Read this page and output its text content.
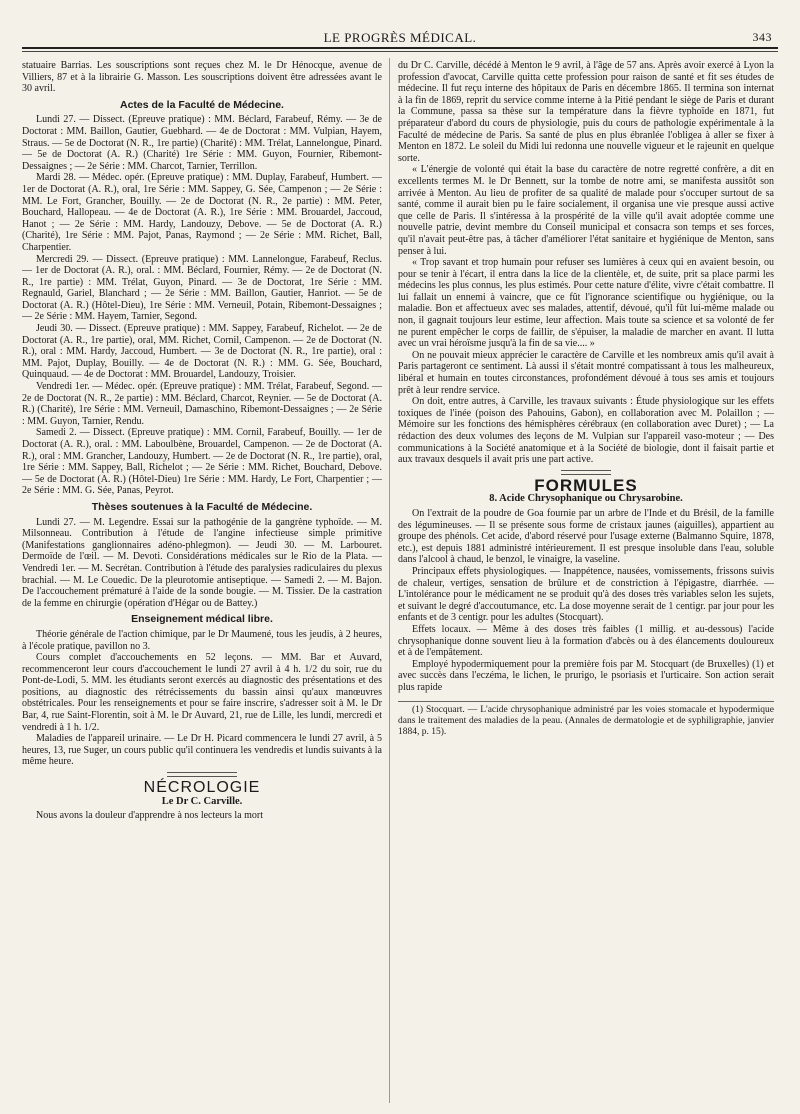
LE PROGRÈS MÉDICAL.	343

statuaire Barrias. Les souscriptions sont reçues chez M. le Dr Hénocque, avenue de Villiers, 87 et à la librairie G. Masson. Les souscriptions doivent être adressées avant le 30 avril.

Actes de la Faculté de Médecine.

Lundi 27. — Dissect. (Epreuve pratique) : MM. Béclard, Farabeuf, Rémy. — 3e de Doctorat : MM. Baillon, Gautier, Guebhard. — 4e de Doctorat : MM. Vulpian, Hayem, Straus. — 5e de Doctorat (N. R., 1re partie) (Charité) : MM. Trélat, Lannelongue, Pinard. — 5e de Doctorat (A. R.) (Charité) 1re Série : MM. Guyon, Fournier, Ribemont-Dessaignes ; — 2e Série : MM. Charcot, Tarnier, Terrillon.

Mardi 28. — Médec. opér. (Epreuve pratique) : MM. Duplay, Farabeuf, Humbert. — 1er de Doctorat (A. R.), oral, 1re Série : MM. Sappey, G. Sée, Campenon ; — 2e Série : MM. Le Fort, Grancher, Bouilly. — 2e de Doctorat (N. R., 2e partie) : MM. Peter, Bouchard, Hallopeau. — 4e de Doctorat (A. R.), 1re Série : MM. Brouardel, Jaccoud, Hanot ; — 2e Série : MM. Hardy, Landouzy, Debove. — 5e de Doctorat (A. R.) (Charité), 1re Série : MM. Pajot, Panas, Raymond ; — 2e Série : MM. Richet, Ball, Charpentier.

Mercredi 29. — Dissect. (Epreuve pratique) : MM. Lannelongue, Farabeuf, Reclus. — 1er de Doctorat (A. R.), oral. : MM. Béclard, Fournier, Rémy. — 2e de Doctorat (N. R., 1re partie) : MM. Trélat, Guyon, Pinard. — 3e de Doctorat, 1re Série : MM. Regnauld, Gariel, Blanchard ; — 2e Série : MM. Baillon, Gautier, Hanriot. — 5e de Doctorat (A. R.) (Hôtel-Dieu), 1re Série : MM. Verneuil, Potain, Ribemont-Dessaignes ; — 2e Série : MM. Hayem, Tarnier, Segond.

Jeudi 30. — Dissect. (Epreuve pratique) : MM. Sappey, Farabeuf, Richelot. — 2e de Doctorat (A. R., 1re partie), oral, MM. Richet, Cornil, Campenon. — 2e de Doctorat (N. R.), oral : MM. Hardy, Jaccoud, Humbert. — 3e de Doctorat (N. R., 1re partie), oral : MM. Pajot, Duplay, Bouilly. — 4e de Doctorat (N. R.) : MM. G. Sée, Bouchard, Quinquaud. — 4e de Doctorat : MM. Brouardel, Landouzy, Troisier.

Vendredi 1er. — Médec. opér. (Epreuve pratique) : MM. Trélat, Farabeuf, Segond. — 2e de Doctorat (N. R., 2e partie) : MM. Béclard, Charcot, Reynier. — 5e de Doctorat (A. R.) (Charité), 1re Série : MM. Verneuil, Damaschino, Ribemont-Dessaignes ; — 2e Série : MM. Guyon, Tarnier, Rendu.

Samedi 2. — Dissect. (Epreuve pratique) : MM. Cornil, Farabeuf, Bouilly. — 1er de Doctorat (A. R.), oral. : MM. Laboulbène, Brouardel, Campenon. — 2e de Doctorat (A. R.), oral : MM. Grancher, Landouzy, Humbert. — 2e de Doctorat (N. R., 1re partie), oral, 1re Série : MM. Sappey, Ball, Richelot ; — 2e Série : MM. Richet, Bouchard, Debove. — 5e de Doctorat (A. R.) (Hôtel-Dieu) 1re Série : MM. Hardy, Le Fort, Charpentier ; — 2e Série : MM. G. Sée, Panas, Peyrot.

Thèses soutenues à la Faculté de Médecine.

Lundi 27. — M. Legendre. Essai sur la pathogénie de la gangrène typhoïde. — M. Milsonneau. Contribution à l'étude de l'angine infectieuse simple primitive (Manifestations ganglionnaires adéno-phlegmon). — Jeudi 30. — M. Larbouret. Dermoïde de l'œil. — M. Devoti. Considérations médicales sur le Rio de la Plata. — Vendredi 1er. — M. Secrétan. Contribution à l'étude des paralysies radiculaires du plexus brachial. — M. Le Couedic. De la pleurotomie antiseptique. — Samedi 2. — M. Bajon. De l'accouchement prématuré à l'aide de la sonde bougie. — M. Tissier. De la castration de la femme en chirurgie (opération d'Hégar ou de Battey.)

Enseignement médical libre.

Théorie générale de l'action chimique, par le Dr Maumené, tous les jeudis, à 2 heures, à l'école pratique, pavillon no 3.

Cours complet d'accouchements en 52 leçons. — MM. Bar et Auvard, recommenceront leur cours d'accouchement le lundi 27 avril à 4 h. 1/2 du soir, rue du Pont-de-Lodi, 5. MM. les étudiants seront exercés au diagnostic des présentations et des positions, au diagnostic des rétrécissements du bassin ainsi qu'aux manœuvres obstétricales. Pour les renseignements et pour se faire inscrire, s'adresser soit à M. le Dr Bar, 4, rue Saint-Florentin, soit à M. le Dr Auvard, 21, rue de Lille, les lundi, mercredi et vendredi à 1 h. 1/2.

Maladies de l'appareil urinaire. — Le Dr H. Picard commencera le lundi 27 avril, à 5 heures, 13, rue Suger, un cours public qu'il continuera les vendredis et lundis suivants à la même heure.

NÉCROLOGIE
Le Dr C. Carville.

Nous avons la douleur d'apprendre à nos lecteurs la mort

du Dr C. Carville, décédé à Menton le 9 avril, à l'âge de 57 ans. Après avoir exercé à Lyon la profession d'avocat, Carville quitta cette profession pour raison de santé et fit ses études de médecine. Il fut reçu interne des hôpitaux de Paris en décembre 1865. Il termina son internat à la fin de 1869, reprit du service comme interne à la Pitié pendant le siège de Paris et durant la Commune, passa sa thèse sur la température dans la fièvre typhoïde en 1871, fut préparateur d'abord du cours de physiologie, puis du cours de pathologie expérimentale à la Faculté de médecine de Paris. Sa santé de plus en plus ébranlée l'obligea à aller se fixer à Menton en 1872. Le soleil du Midi lui redonna une nouvelle vigueur et le rajeunit en quelque sorte.

« L'énergie de volonté qui était la base du caractère de notre regretté confrère, a dit en excellents termes M. le Dr Bennett, sur la tombe de notre ami, se manifesta aussitôt son arrivée à Menton. Au lieu de profiter de sa qualité de malade pour s'occuper surtout de sa santé, comme il aurait bien pu le faire socialement, il organisa une vie presque aussi active que celle de Paris. Il s'intéressa à la prospérité de la ville qu'il avait adoptée comme une nouvelle patrie, devint membre du Conseil municipal et consacra son temps et ses forces, qu'il n'avait peut-être pas, à tâcher d'améliorer l'état sanitaire et hygiénique de Menton, sans penser à lui.

« Trop savant et trop humain pour refuser ses lumières à ceux qui en avaient besoin, ou pour se tenir à l'écart, il entra dans la lice de la clientèle, et, de suite, prit sa place parmi les médecins les plus connus, les plus estimés. Pour cette nature d'élite, vivre c'était combattre. Il lui fallait un ennemi à vaincre, que ce fût l'ignorance scientifique ou hygiénique, ou la maladie. Bon et affectueux avec ses malades, attentif, dévoué, qu'il fût lui-même malade ou non, il gagnait toujours leur estime, leur affection. Mais toute sa science et sa volonté de fer ne purent empêcher le corps de faillir, de s'épuiser, la maladie de marcher en avant. Il lutta avec un vrai héroïsme jusqu'à la fin de sa vie.... »

On ne pouvait mieux apprécier le caractère de Carville et les nombreux amis qu'il avait à Paris partageront ce sentiment. Là aussi il s'était montré compatissant à tous les malheureux, libéral et humain en toutes circonstances, profondément dévoué à tous ses amis et toujours prêt à leur rendre service.

On doit, entre autres, à Carville, les travaux suivants : Étude physiologique sur les effets toxiques de l'inée (poison des Pahouins, Gabon), en collaboration avec M. Polaillon ; — Mémoire sur les fonctions des hémisphères cérébraux (en collaboration avec Duret) ; — La rédaction des deux volumes des leçons de M. Vulpian sur l'appareil vaso-moteur ; — Des communications à la Société anatomique et à la Société de biologie, dont il faisait partie et aux travaux desquels il avait pris une part active.

FORMULES
8. Acide Chrysophanique ou Chrysarobine.

On l'extrait de la poudre de Goa fournie par un arbre de l'Inde et du Brésil, de la famille des légumineuses. — Il se présente sous forme de cristaux jaunes (aiguilles), appartient au groupe des phénols. Cet acide, d'abord réservé pour l'usage externe (Balmanno Squire, 1878, etc.), est depuis 1881 administré intérieurement. Il est presque insoluble dans l'eau, soluble dans l'alcool à chaud, le benzol, le vinaigre, la vaseline.

Principaux effets physiologiques. — Inappétence, nausées, vomissements, frissons suivis de chaleur, vertiges, sensation de brûlure et de constriction à l'épigastre, diarrhée. — L'intolérance pour le médicament ne se produit qu'à des doses très variables selon les sujets, et suivant le degré d'accoutumance, etc. La dose moyenne serait de 1 centigr. par jour pour les enfants et de 3 centigr. pour les adultes (Stocquart).

Effets locaux. — Même à des doses très faibles (1 millig. et au-dessous) l'acide chrysophanique donne souvent lieu à la formation d'abcès ou à des élancements douloureux et à de l'empâtement.

Employé hypodermiquement pour la première fois par M. Stocquart (de Bruxelles) (1) et avec succès dans l'eczéma, le lichen, le prurigo, le psoriasis et l'urticaire. Son action serait plus rapide

(1) Stocquart. — L'acide chrysophanique administré par les voies stomacale et hypodermique dans le traitement des maladies de la peau. (Annales de dermatologie et de syphiligraphie, janvier 1884, p. 15).
